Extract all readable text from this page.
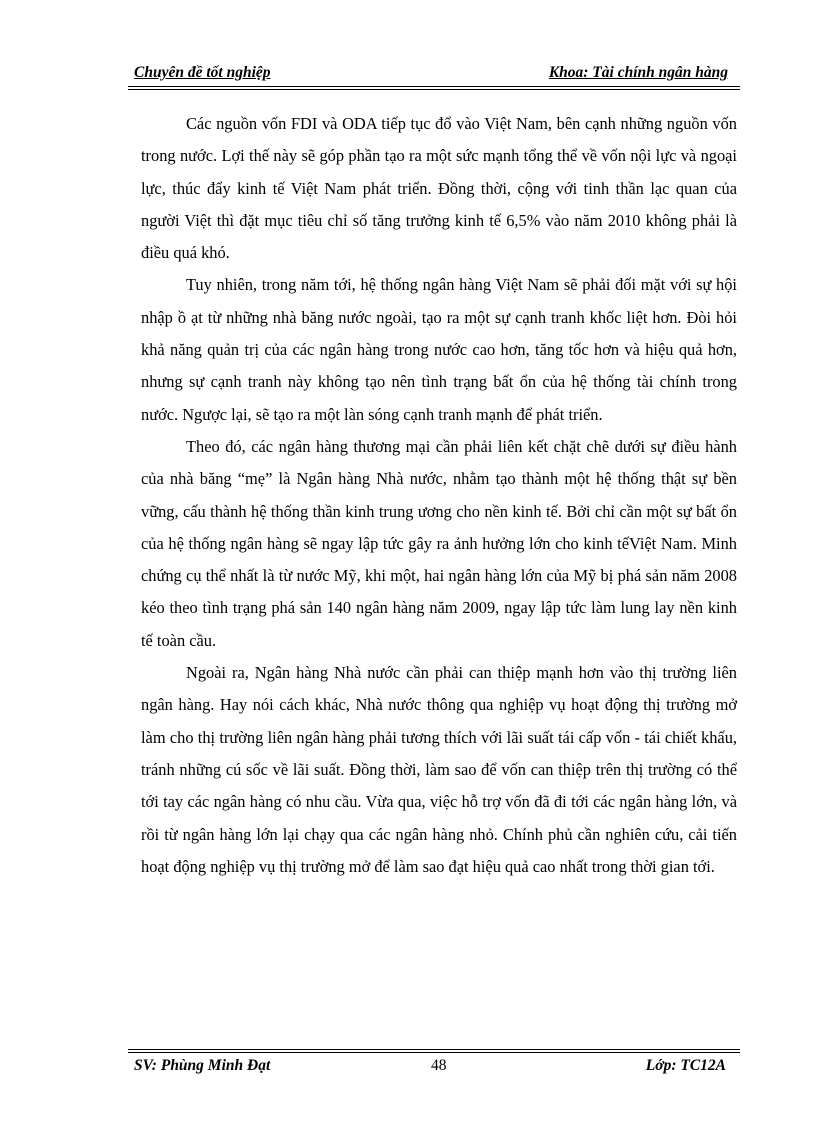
Chuyên đề tốt nghiệp	Khoa: Tài chính ngân hàng

Các nguồn vốn FDI và ODA tiếp tục đổ vào Việt Nam, bên cạnh những nguồn vốn trong nước. Lợi thế này sẽ góp phần tạo ra một sức mạnh tổng thể về vốn nội lực và ngoại lực, thúc đẩy kinh tế Việt Nam phát triển. Đồng thời, cộng với tinh thần lạc quan của người Việt thì đặt mục tiêu chỉ số tăng trưởng kinh tế 6,5% vào năm 2010 không phải là điều quá khó.

Tuy nhiên, trong năm tới, hệ thống ngân hàng Việt Nam sẽ phải đối mặt với sự hội nhập ồ ạt từ những nhà băng nước ngoài, tạo ra một sự cạnh tranh khốc liệt hơn. Đòi hỏi khả năng quản trị của các ngân hàng trong nước cao hơn, tăng tốc hơn và hiệu quả hơn, nhưng sự cạnh tranh này không tạo nên tình trạng bất ổn của hệ thống tài chính trong nước. Ngược lại, sẽ tạo ra một làn sóng cạnh tranh mạnh để phát triển.

Theo đó, các ngân hàng thương mại cần phải liên kết chặt chẽ dưới sự điều hành của nhà băng “mẹ” là Ngân hàng Nhà nước, nhằm tạo thành một hệ thống thật sự bền vững, cấu thành hệ thống thần kinh trung ương cho nền kinh tế. Bởi chỉ cần một sự bất ổn của hệ thống ngân hàng sẽ ngay lập tức gây ra ảnh hưởng lớn cho kinh tếViệt Nam. Minh chứng cụ thể nhất là từ nước Mỹ, khi một, hai ngân hàng lớn của Mỹ bị phá sản năm 2008 kéo theo tình trạng phá sản 140 ngân hàng năm 2009, ngay lập tức làm lung lay nền kinh tế toàn cầu.

Ngoài ra, Ngân hàng Nhà nước cần phải can thiệp mạnh hơn vào thị trường liên ngân hàng. Hay nói cách khác, Nhà nước thông qua nghiệp vụ hoạt động thị trường mở làm cho thị trường liên ngân hàng phải tương thích với lãi suất tái cấp vốn - tái chiết khấu, tránh những cú sốc về lãi suất. Đồng thời, làm sao để vốn can thiệp trên thị trường có thể tới tay các ngân hàng có nhu cầu. Vừa qua, việc hỗ trợ vốn đã đi tới các ngân hàng lớn, và rồi từ ngân hàng lớn lại chạy qua các ngân hàng nhỏ. Chính phủ cần nghiên cứu, cải tiến hoạt động nghiệp vụ thị trường mở để làm sao đạt hiệu quả cao nhất trong thời gian tới.

SV: Phùng Minh Đạt	48	Lớp: TC12A
